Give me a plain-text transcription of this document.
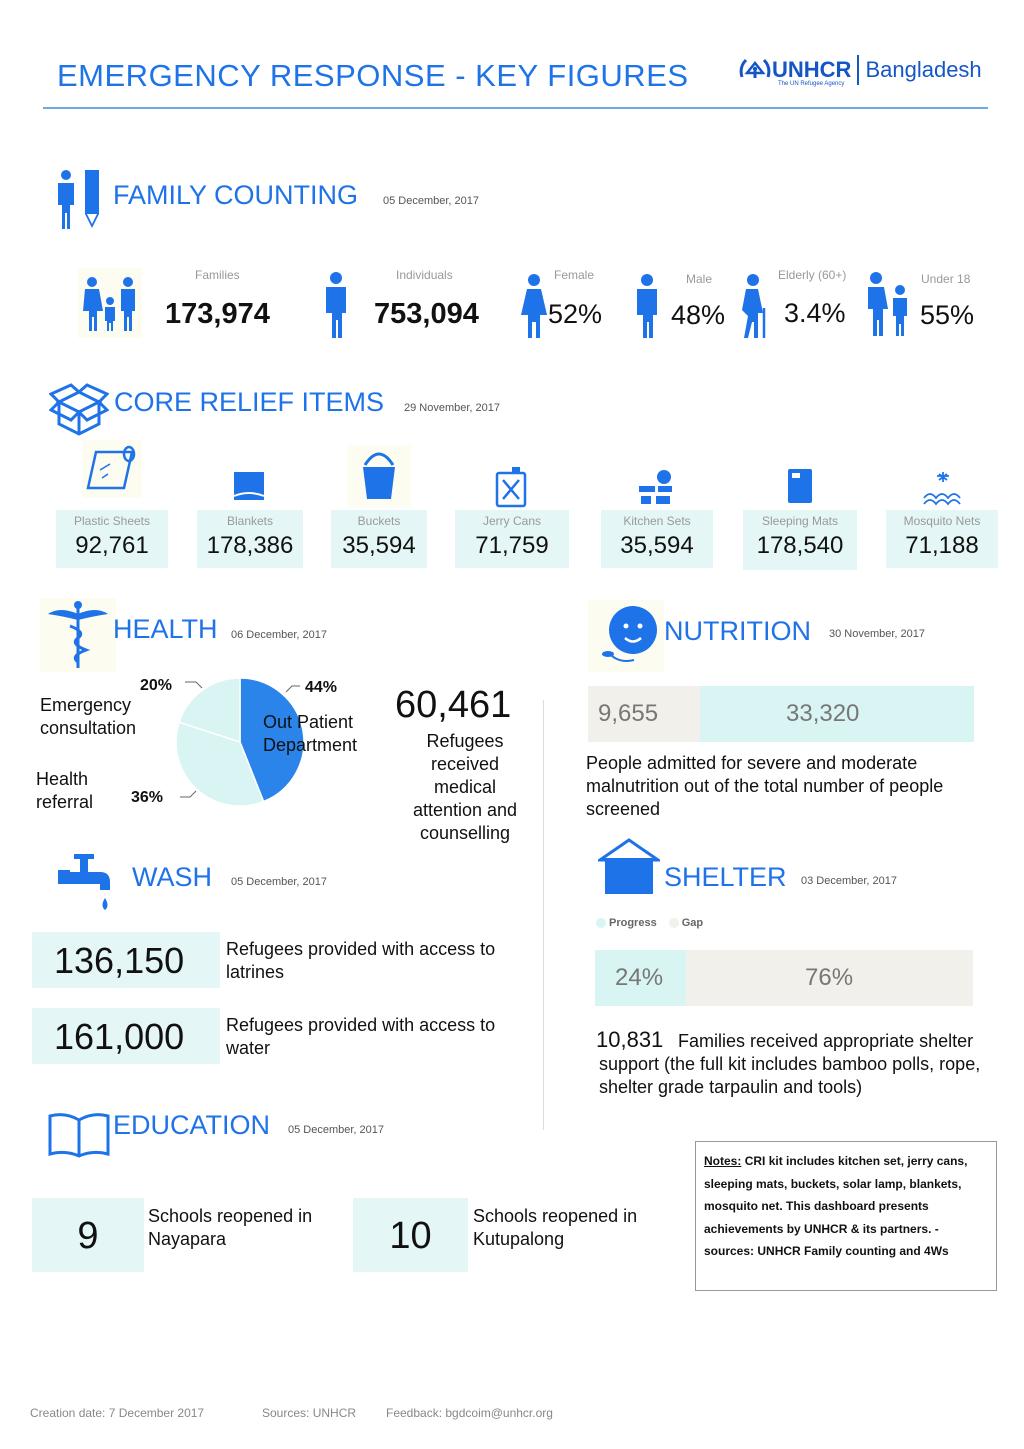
EMERGENCY RESPONSE - KEY FIGURES	UNHCR Bangladesh
The UN Refugee Agency
FAMILY COUNTING 05 December, 2017
Families
173,974
Individuals
753,094
Female
52%
Male
48%
Elderly (60+)
3.4%
Under 18
55%
CORE RELIEF ITEMS 29 November, 2017
Plastic Sheets
92,761
Blankets
178,386
Buckets
35,594
Jerry Cans
71,759
Kitchen Sets
35,594
Sleeping Mats
178,540
Mosquito Nets
71,188
HEALTH 06 December, 2017
20%	44%
36%
Emergency consultation	Out Patient Department
Health referral
60,461
Refugees received medical attention and counselling
NUTRITION 30 November, 2017
9,655	33,320
People admitted for severe and moderate malnutrition out of the total number of people screened
WASH 05 December, 2017
136,150 Refugees provided with access to latrines
161,000 Refugees provided with access to water
SHELTER 03 December, 2017
Progress Gap
24%	76%
10,831 Families received appropriate shelter support (the full kit includes bamboo polls, rope, shelter grade tarpaulin and tools)
EDUCATION 05 December, 2017
9	Schools reopened in Nayapara	10	Schools reopened in Kutupalong
Notes: CRI kit includes kitchen set, jerry cans, sleeping mats, buckets, solar lamp, blankets, mosquito net. This dashboard presents achievements by UNHCR & its partners. - sources: UNHCR Family counting and 4Ws
Creation date: 7 December 2017	Sources: UNHCR Feedback: bgdcoim@unhcr.org
